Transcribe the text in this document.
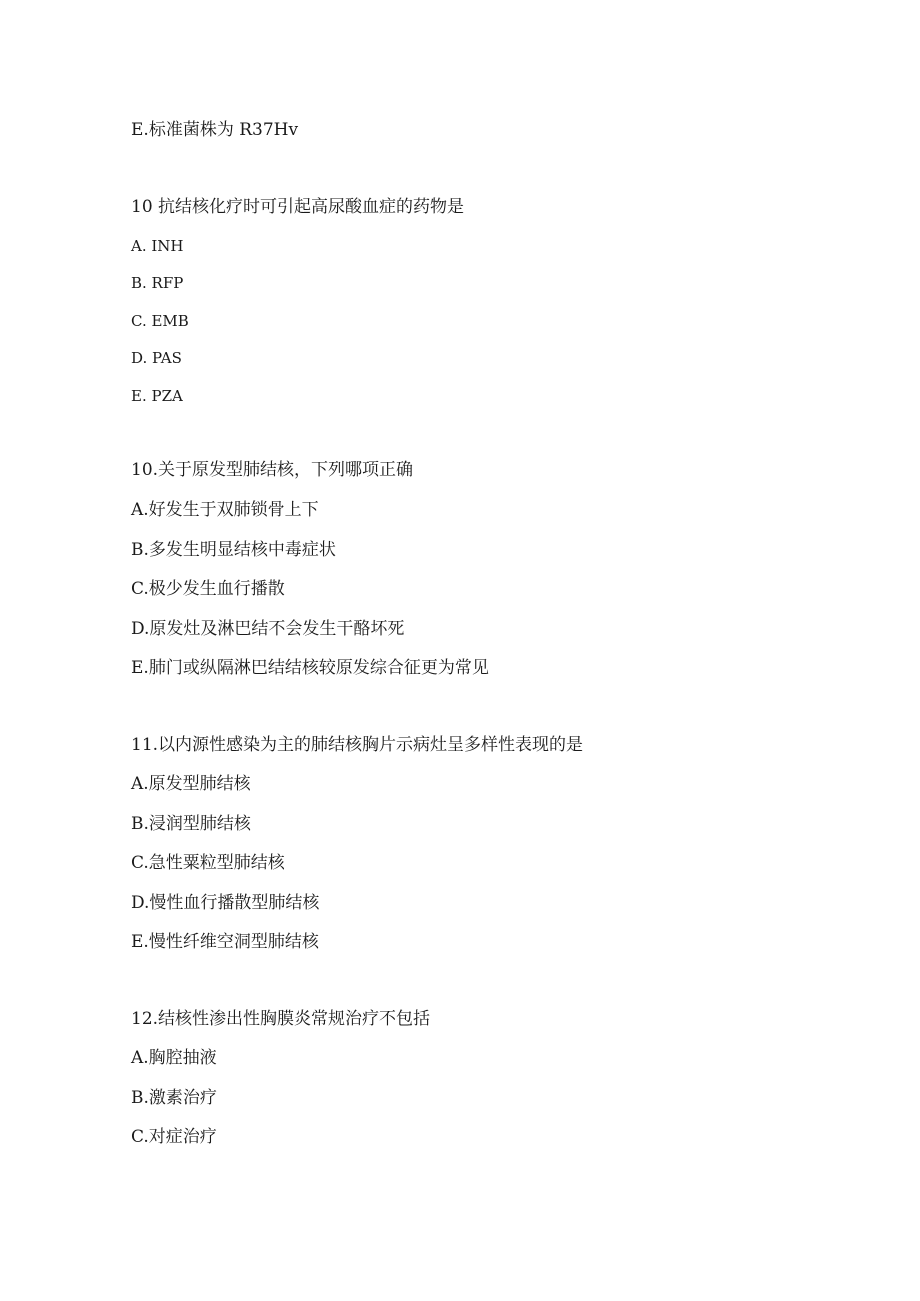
E.标准菌株为 R37Hv
10 抗结核化疗时可引起高尿酸血症的药物是
A. INH
B. RFP
C. EMB
D. PAS
E. PZA
10.关于原发型肺结核，下列哪项正确
A.好发生于双肺锁骨上下
B.多发生明显结核中毒症状
C.极少发生血行播散
D.原发灶及淋巴结不会发生干酪坏死
E.肺门或纵隔淋巴结结核较原发综合征更为常见
11.以内源性感染为主的肺结核胸片示病灶呈多样性表现的是
A.原发型肺结核
B.浸润型肺结核
C.急性粟粒型肺结核
D.慢性血行播散型肺结核
E.慢性纤维空洞型肺结核
12.结核性渗出性胸膜炎常规治疗不包括
A.胸腔抽液
B.激素治疗
C.对症治疗
